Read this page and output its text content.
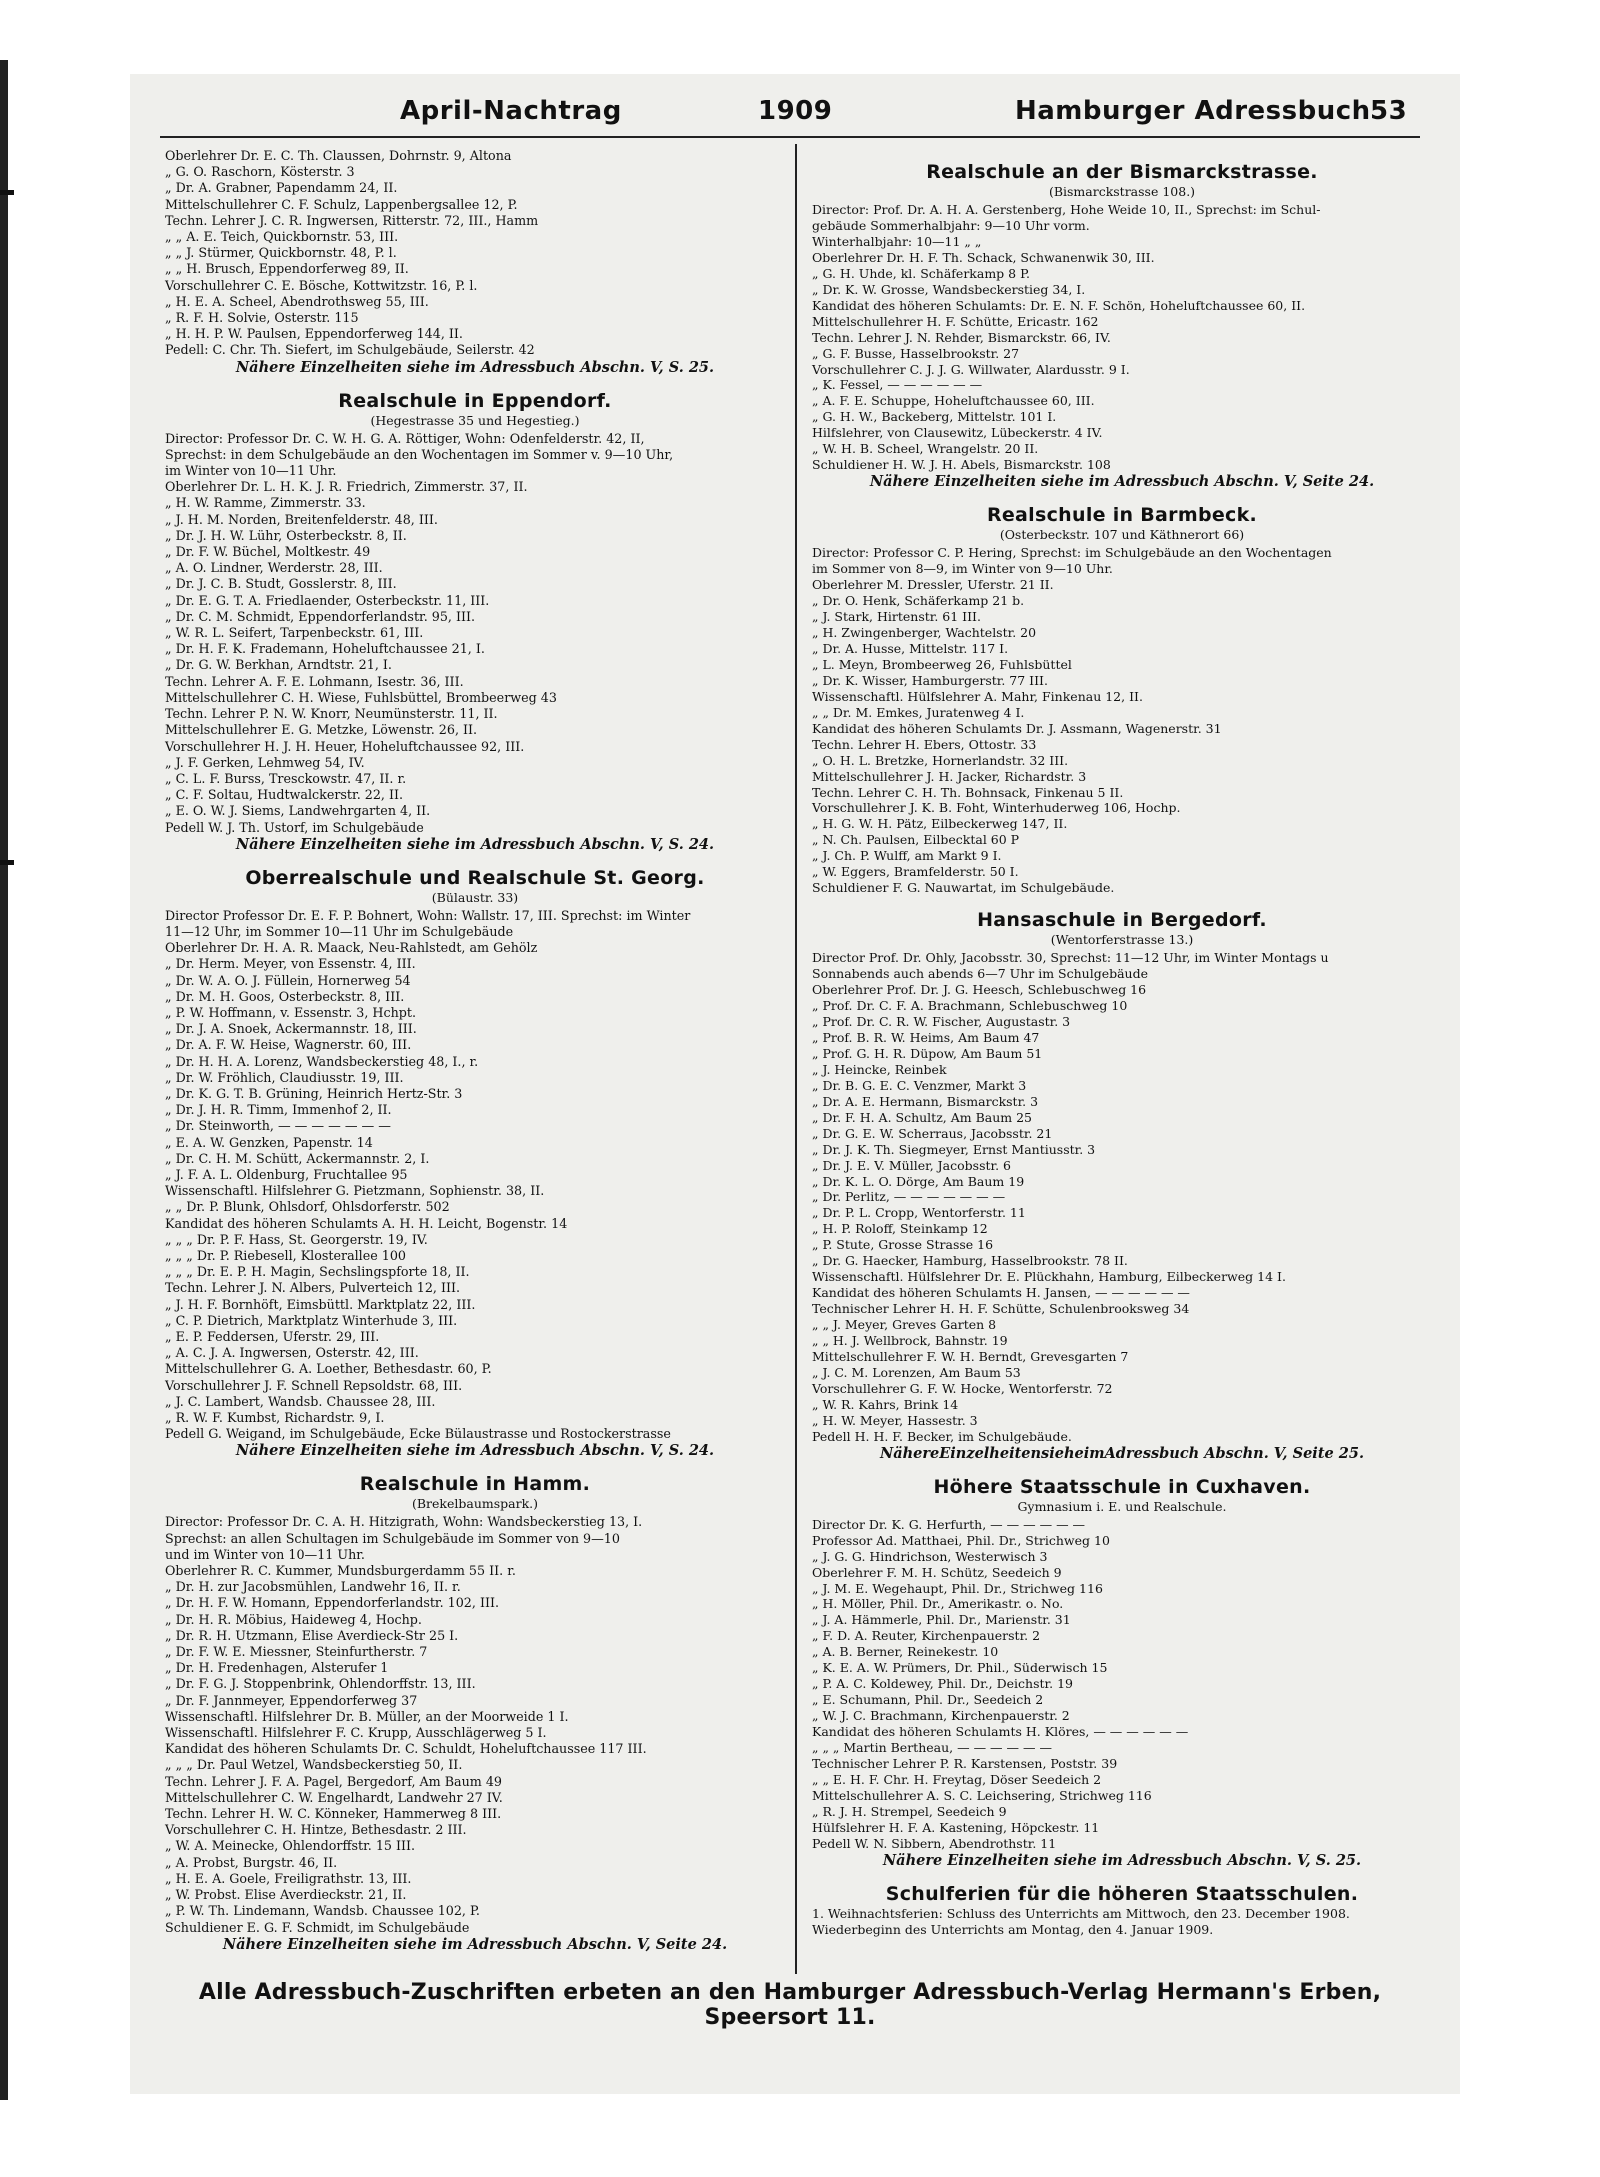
April-Nachtrag	1909	Hamburger Adressbuch 53
Oberlehrer Dr. E. C. Th. Claussen, Dohrnstr. 9, Altona
„ G. O. Raschorn, Kösterstr. 3
„ Dr. A. Grabner, Papendamm 24, II.
Mittelschullehrer C. F. Schulz, Lappenbergsallee 12, P.
Techn. Lehrer J. C. R. Ingwersen, Ritterstr. 72, III., Hamm
„ „ A. E. Teich, Quickbornstr. 53, III.
„ „ J. Stürmer, Quickbornstr. 48, P. l.
„ „ H. Brusch, Eppendorferweg 89, II.
Vorschullehrer C. E. Bösche, Kottwitzstr. 16, P. l.
„ H. E. A. Scheel, Abendrothsweg 55, III.
„ R. F. H. Solvie, Osterstr. 115
„ H. H. P. W. Paulsen, Eppendorferweg 144, II.
Pedell: C. Chr. Th. Siefert, im Schulgebäude, Seilerstr. 42
Nähere Einzelheiten siehe im Adressbuch Abschn. V, S. 25.
Realschule in Eppendorf.
(Hegestrasse 35 und Hegestieg.)
Director: Professor Dr. C. W. H. G. A. Röttiger, Wohn: Odenfelderstr. 42, II,
Sprechst: in dem Schulgebäude an den Wochentagen im Sommer v. 9—10 Uhr,
im Winter von 10—11 Uhr.
Oberlehrer Dr. L. H. K. J. R. Friedrich, Zimmerstr. 37, II.
„ H. W. Ramme, Zimmerstr. 33.
„ J. H. M. Norden, Breitenfelderstr. 48, III.
„ Dr. J. H. W. Lühr, Osterbeckstr. 8, II.
„ Dr. F. W. Büchel, Moltkestr. 49
„ A. O. Lindner, Werderstr. 28, III.
„ Dr. J. C. B. Studt, Gosslerstr. 8, III.
„ Dr. E. G. T. A. Friedlaender, Osterbeckstr. 11, III.
„ Dr. C. M. Schmidt, Eppendorferlandstr. 95, III.
„ W. R. L. Seifert, Tarpenbeckstr. 61, III.
„ Dr. H. F. K. Frademann, Hoheluftchaussee 21, I.
„ Dr. G. W. Berkhan, Arndtstr. 21, I.
Techn. Lehrer A. F. E. Lohmann, Isestr. 36, III.
Mittelschullehrer C. H. Wiese, Fuhlsbüttel, Brombeerweg 43
Techn. Lehrer P. N. W. Knorr, Neumünsterstr. 11, II.
Mittelschullehrer E. G. Metzke, Löwenstr. 26, II.
Vorschullehrer H. J. H. Heuer, Hoheluftchaussee 92, III.
„ J. F. Gerken, Lehmweg 54, IV.
„ C. L. F. Burss, Tresckowstr. 47, II. r.
„ C. F. Soltau, Hudtwalckerstr. 22, II.
„ E. O. W. J. Siems, Landwehrgarten 4, II.
Pedell W. J. Th. Ustorf, im Schulgebäude
Nähere Einzelheiten siehe im Adressbuch Abschn. V, S. 24.
Oberrealschule und Realschule St. Georg.
(Bülaustr. 33)
Director Professor Dr. E. F. P. Bohnert, Wohn: Wallstr. 17, III. Sprechst: im Winter
11—12 Uhr, im Sommer 10—11 Uhr im Schulgebäude
Oberlehrer Dr. H. A. R. Maack, Neu-Rahlstedt, am Gehölz
„ Dr. Herm. Meyer, von Essenstr. 4, III.
„ Dr. W. A. O. J. Füllein, Hornerweg 54
„ Dr. M. H. Goos, Osterbeckstr. 8, III.
„ P. W. Hoffmann, v. Essenstr. 3, Hchpt.
„ Dr. J. A. Snoek, Ackermannstr. 18, III.
„ Dr. A. F. W. Heise, Wagnerstr. 60, III.
„ Dr. H. H. A. Lorenz, Wandsbeckerstieg 48, I., r.
„ Dr. W. Fröhlich, Claudiusstr. 19, III.
„ Dr. K. G. T. B. Grüning, Heinrich Hertz-Str. 3
„ Dr. J. H. R. Timm, Immenhof 2, II.
„ Dr. Steinworth, — — — — — — —
„ E. A. W. Genzken, Papenstr. 14
„ Dr. C. H. M. Schütt, Ackermannstr. 2, I.
„ J. F. A. L. Oldenburg, Fruchtallee 95
Wissenschaftl. Hilfslehrer G. Pietzmann, Sophienstr. 38, II.
„ „ Dr. P. Blunk, Ohlsdorf, Ohlsdorferstr. 502
Kandidat des höheren Schulamts A. H. H. Leicht, Bogenstr. 14
„ „ „ Dr. P. F. Hass, St. Georgerstr. 19, IV.
„ „ „ Dr. P. Riebesell, Klosterallee 100
„ „ „ Dr. E. P. H. Magin, Sechslingspforte 18, II.
Techn. Lehrer J. N. Albers, Pulverteich 12, III.
„ J. H. F. Bornhöft, Eimsbüttl. Marktplatz 22, III.
„ C. P. Dietrich, Marktplatz Winterhude 3, III.
„ E. P. Feddersen, Uferstr. 29, III.
„ A. C. J. A. Ingwersen, Osterstr. 42, III.
Mittelschullehrer G. A. Loether, Bethesdastr. 60, P.
Vorschullehrer J. F. Schnell Repsoldstr. 68, III.
„ J. C. Lambert, Wandsb. Chaussee 28, III.
„ R. W. F. Kumbst, Richardstr. 9, I.
Pedell G. Weigand, im Schulgebäude, Ecke Bülaustrasse und Rostockerstrasse
Nähere Einzelheiten siehe im Adressbuch Abschn. V, S. 24.
Realschule in Hamm.
(Brekelbaumspark.)
Director: Professor Dr. C. A. H. Hitzigrath, Wohn: Wandsbeckerstieg 13, I.
Sprechst: an allen Schultagen im Schulgebäude im Sommer von 9—10
und im Winter von 10—11 Uhr.
Oberlehrer R. C. Kummer, Mundsburgerdamm 55 II. r.
„ Dr. H. zur Jacobsmühlen, Landwehr 16, II. r.
„ Dr. H. F. W. Homann, Eppendorferlandstr. 102, III.
„ Dr. H. R. Möbius, Haideweg 4, Hochp.
„ Dr. R. H. Utzmann, Elise Averdieck-Str 25 I.
„ Dr. F. W. E. Miessner, Steinfurtherstr. 7
„ Dr. H. Fredenhagen, Alsterufer 1
„ Dr. F. G. J. Stoppenbrink, Ohlendorffstr. 13, III.
„ Dr. F. Jannmeyer, Eppendorferweg 37
Wissenschaftl. Hilfslehrer Dr. B. Müller, an der Moorweide 1 I.
Wissenschaftl. Hilfslehrer F. C. Krupp, Ausschlägerweg 5 I.
Kandidat des höheren Schulamts Dr. C. Schuldt, Hoheluftchaussee 117 III.
„ „ „ Dr. Paul Wetzel, Wandsbeckerstieg 50, II.
Techn. Lehrer J. F. A. Pagel, Bergedorf, Am Baum 49
Mittelschullehrer C. W. Engelhardt, Landwehr 27 IV.
Techn. Lehrer H. W. C. Könneker, Hammerweg 8 III.
Vorschullehrer C. H. Hintze, Bethesdastr. 2 III.
„ W. A. Meinecke, Ohlendorffstr. 15 III.
„ A. Probst, Burgstr. 46, II.
„ H. E. A. Goele, Freiligrathstr. 13, III.
„ W. Probst. Elise Averdieckstr. 21, II.
„ P. W. Th. Lindemann, Wandsb. Chaussee 102, P.
Schuldiener E. G. F. Schmidt, im Schulgebäude
Nähere Einzelheiten siehe im Adressbuch Abschn. V, Seite 24.
Realschule an der Bismarckstrasse.
(Bismarckstrasse 108.)
Director: Prof. Dr. A. H. A. Gerstenberg, Hohe Weide 10, II., Sprechst: im Schul-
gebäude Sommerhalbjahr: 9—10 Uhr vorm.
Winterhalbjahr: 10—11 „ „
Oberlehrer Dr. H. F. Th. Schack, Schwanenwik 30, III.
„ G. H. Uhde, kl. Schäferkamp 8 P.
„ Dr. K. W. Grosse, Wandsbeckerstieg 34, I.
Kandidat des höheren Schulamts: Dr. E. N. F. Schön, Hoheluftchaussee 60, II.
Mittelschullehrer H. F. Schütte, Ericastr. 162
Techn. Lehrer J. N. Rehder, Bismarckstr. 66, IV.
„ G. F. Busse, Hasselbrookstr. 27
Vorschullehrer C. J. J. G. Willwater, Alardusstr. 9 I.
„ K. Fessel, — — — — — —
„ A. F. E. Schuppe, Hoheluftchaussee 60, III.
„ G. H. W., Backeberg, Mittelstr. 101 I.
Hilfslehrer, von Clausewitz, Lübeckerstr. 4 IV.
„ W. H. B. Scheel, Wrangelstr. 20 II.
Schuldiener H. W. J. H. Abels, Bismarckstr. 108
Nähere Einzelheiten siehe im Adressbuch Abschn. V, Seite 24.
Realschule in Barmbeck.
(Osterbeckstr. 107 und Käthnerort 66)
Director: Professor C. P. Hering, Sprechst: im Schulgebäude an den Wochentagen
im Sommer von 8—9, im Winter von 9—10 Uhr.
Oberlehrer M. Dressler, Uferstr. 21 II.
„ Dr. O. Henk, Schäferkamp 21 b.
„ J. Stark, Hirtenstr. 61 III.
„ H. Zwingenberger, Wachtelstr. 20
„ Dr. A. Husse, Mittelstr. 117 I.
„ L. Meyn, Brombeerweg 26, Fuhlsbüttel
„ Dr. K. Wisser, Hamburgerstr. 77 III.
Wissenschaftl. Hülfslehrer A. Mahr, Finkenau 12, II.
„ „ Dr. M. Emkes, Juratenweg 4 I.
Kandidat des höheren Schulamts Dr. J. Assmann, Wagenerstr. 31
Techn. Lehrer H. Ebers, Ottostr. 33
„ O. H. L. Bretzke, Hornerlandstr. 32 III.
Mittelschullehrer J. H. Jacker, Richardstr. 3
Techn. Lehrer C. H. Th. Bohnsack, Finkenau 5 II.
Vorschullehrer J. K. B. Foht, Winterhuderweg 106, Hochp.
„ H. G. W. H. Pätz, Eilbeckerweg 147, II.
„ N. Ch. Paulsen, Eilbecktal 60 P
„ J. Ch. P. Wulff, am Markt 9 I.
„ W. Eggers, Bramfelderstr. 50 I.
Schuldiener F. G. Nauwartat, im Schulgebäude.
Hansaschule in Bergedorf.
(Wentorferstrasse 13.)
Director Prof. Dr. Ohly, Jacobsstr. 30, Sprechst: 11—12 Uhr, im Winter Montags u
Sonnabends auch abends 6—7 Uhr im Schulgebäude
Oberlehrer Prof. Dr. J. G. Heesch, Schlebuschweg 16
„ Prof. Dr. C. F. A. Brachmann, Schlebuschweg 10
„ Prof. Dr. C. R. W. Fischer, Augustastr. 3
„ Prof. B. R. W. Heims, Am Baum 47
„ Prof. G. H. R. Düpow, Am Baum 51
„ J. Heincke, Reinbek
„ Dr. B. G. E. C. Venzmer, Markt 3
„ Dr. A. E. Hermann, Bismarckstr. 3
„ Dr. F. H. A. Schultz, Am Baum 25
„ Dr. G. E. W. Scherraus, Jacobsstr. 21
„ Dr. J. K. Th. Siegmeyer, Ernst Mantiusstr. 3
„ Dr. J. E. V. Müller, Jacobsstr. 6
„ Dr. K. L. O. Dörge, Am Baum 19
„ Dr. Perlitz, — — — — — — —
„ Dr. P. L. Cropp, Wentorferstr. 11
„ H. P. Roloff, Steinkamp 12
„ P. Stute, Grosse Strasse 16
„ Dr. G. Haecker, Hamburg, Hasselbrookstr. 78 II.
Wissenschaftl. Hülfslehrer Dr. E. Plückhahn, Hamburg, Eilbeckerweg 14 I.
Kandidat des höheren Schulamts H. Jansen, — — — — — —
Technischer Lehrer H. H. F. Schütte, Schulenbrooksweg 34
„ „ J. Meyer, Greves Garten 8
„ „ H. J. Wellbrock, Bahnstr. 19
Mittelschullehrer F. W. H. Berndt, Grevesgarten 7
„ J. C. M. Lorenzen, Am Baum 53
Vorschullehrer G. F. W. Hocke, Wentorferstr. 72
„ W. R. Kahrs, Brink 14
„ H. W. Meyer, Hassestr. 3
Pedell H. H. F. Becker, im Schulgebäude.
NähereEinzelheitensieheimAdressbuch Abschn. V, Seite 25.
Höhere Staatsschule in Cuxhaven.
Gymnasium i. E. und Realschule.
Director Dr. K. G. Herfurth, — — — — — —
Professor Ad. Matthaei, Phil. Dr., Strichweg 10
„ J. G. G. Hindrichson, Westerwisch 3
Oberlehrer F. M. H. Schütz, Seedeich 9
„ J. M. E. Wegehaupt, Phil. Dr., Strichweg 116
„ H. Möller, Phil. Dr., Amerikastr. o. No.
„ J. A. Hämmerle, Phil. Dr., Marienstr. 31
„ F. D. A. Reuter, Kirchenpauerstr. 2
„ A. B. Berner, Reinekestr. 10
„ K. E. A. W. Prümers, Dr. Phil., Süderwisch 15
„ P. A. C. Koldewey, Phil. Dr., Deichstr. 19
„ E. Schumann, Phil. Dr., Seedeich 2
„ W. J. C. Brachmann, Kirchenpauerstr. 2
Kandidat des höheren Schulamts H. Klöres, — — — — — —
„ „ „ Martin Bertheau, — — — — — —
Technischer Lehrer P. R. Karstensen, Poststr. 39
„ „ E. H. F. Chr. H. Freytag, Döser Seedeich 2
Mittelschullehrer A. S. C. Leichsering, Strichweg 116
„ R. J. H. Strempel, Seedeich 9
Hülfslehrer H. F. A. Kastening, Höpckestr. 11
Pedell W. N. Sibbern, Abendrothstr. 11
Nähere Einzelheiten siehe im Adressbuch Abschn. V, S. 25.
Schulferien für die höheren Staatsschulen.
1. Weihnachtsferien: Schluss des Unterrichts am Mittwoch, den 23. December 1908.
Wiederbeginn des Unterrichts am Montag, den 4. Januar 1909.
Alle Adressbuch-Zuschriften erbeten an den Hamburger Adressbuch-Verlag Hermann's Erben, Speersort 11.
